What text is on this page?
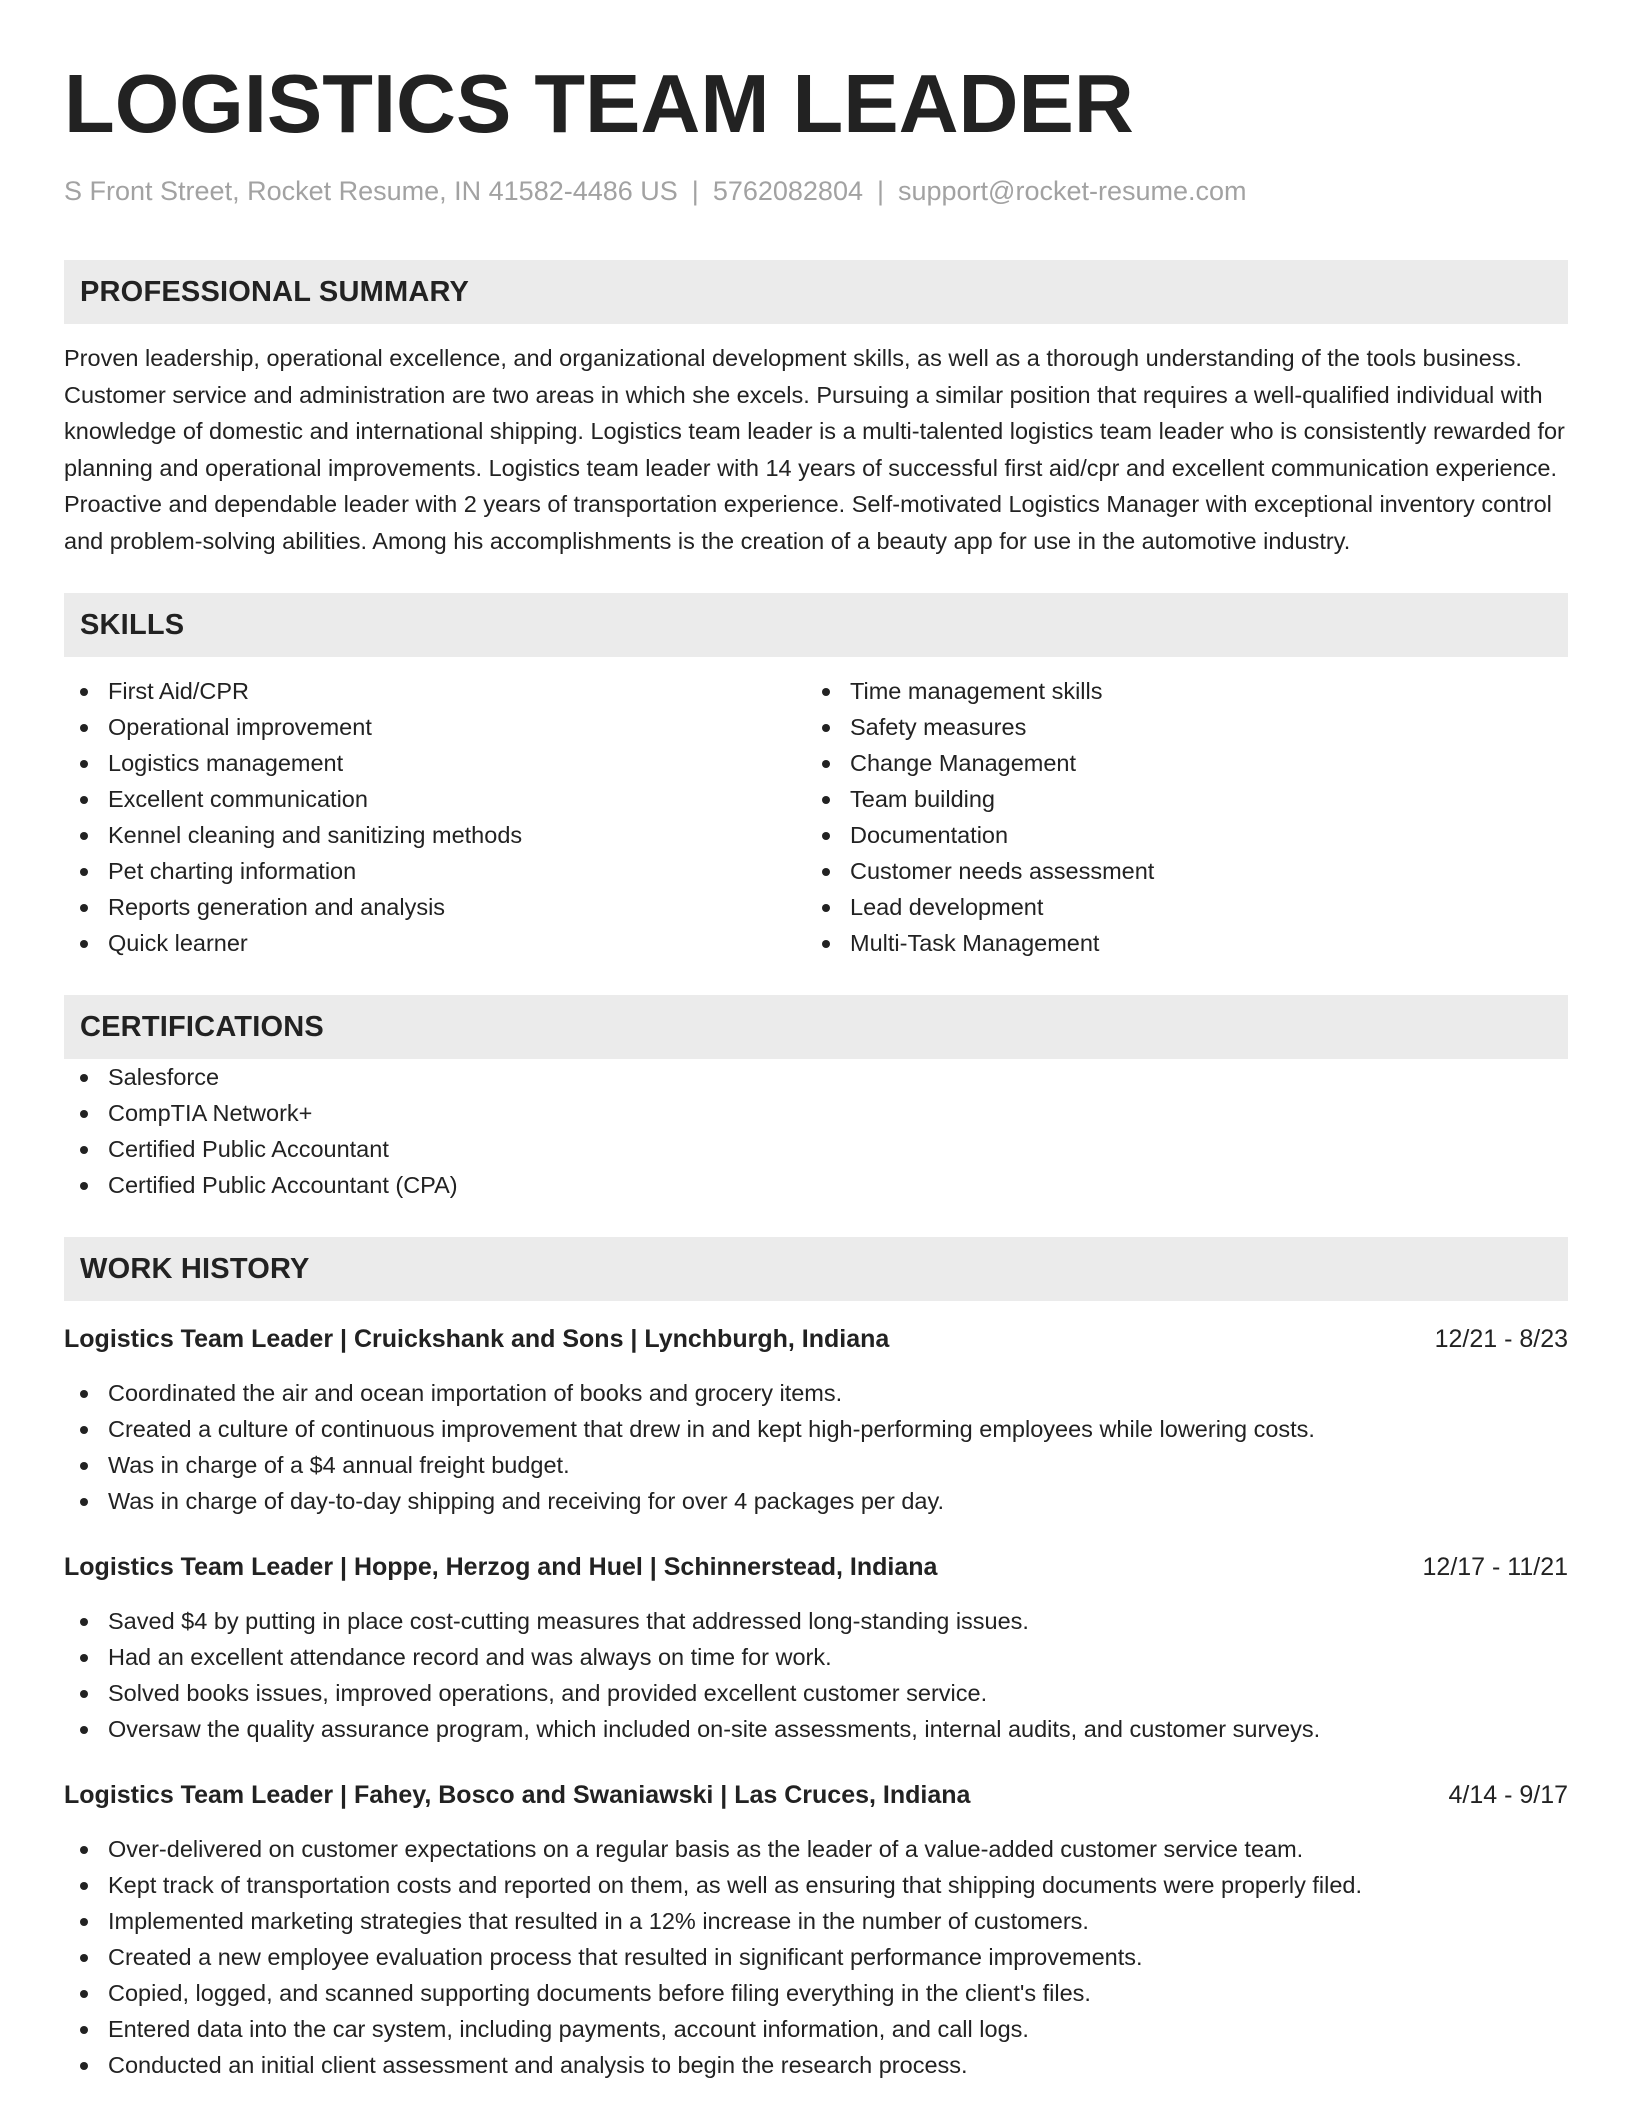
LOGISTICS TEAM LEADER
S Front Street, Rocket Resume, IN 41582-4486 US | 5762082804 | support@rocket-resume.com
PROFESSIONAL SUMMARY

Proven leadership, operational excellence, and organizational development skills, as well as a thorough understanding of the tools business. Customer service and administration are two areas in which she excels. Pursuing a similar position that requires a well-qualified individual with knowledge of domestic and international shipping. Logistics team leader is a multi-talented logistics team leader who is consistently rewarded for planning and operational improvements. Logistics team leader with 14 years of successful first aid/cpr and excellent communication experience. Proactive and dependable leader with 2 years of transportation experience. Self-motivated Logistics Manager with exceptional inventory control and problem-solving abilities. Among his accomplishments is the creation of a beauty app for use in the automotive industry.

SKILLS
First Aid/CPR
Operational improvement
Logistics management
Excellent communication
Kennel cleaning and sanitizing methods
Pet charting information
Reports generation and analysis
Quick learner
Time management skills
Safety measures
Change Management
Team building
Documentation
Customer needs assessment
Lead development
Multi-Task Management
CERTIFICATIONS
Salesforce
CompTIA Network+
Certified Public Accountant
Certified Public Accountant (CPA)
WORK HISTORY
Logistics Team Leader | Cruickshank and Sons | Lynchburgh, Indiana	12/21 - 8/23
Coordinated the air and ocean importation of books and grocery items.
Created a culture of continuous improvement that drew in and kept high-performing employees while lowering costs.
Was in charge of a $4 annual freight budget.
Was in charge of day-to-day shipping and receiving for over 4 packages per day.
Logistics Team Leader | Hoppe, Herzog and Huel | Schinnerstead, Indiana	12/17 - 11/21
Saved $4 by putting in place cost-cutting measures that addressed long-standing issues.
Had an excellent attendance record and was always on time for work.
Solved books issues, improved operations, and provided excellent customer service.
Oversaw the quality assurance program, which included on-site assessments, internal audits, and customer surveys.
Logistics Team Leader | Fahey, Bosco and Swaniawski | Las Cruces, Indiana	4/14 - 9/17
Over-delivered on customer expectations on a regular basis as the leader of a value-added customer service team.
Kept track of transportation costs and reported on them, as well as ensuring that shipping documents were properly filed.
Implemented marketing strategies that resulted in a 12% increase in the number of customers.
Created a new employee evaluation process that resulted in significant performance improvements.
Copied, logged, and scanned supporting documents before filing everything in the client's files.
Entered data into the car system, including payments, account information, and call logs.
Conducted an initial client assessment and analysis to begin the research process.
